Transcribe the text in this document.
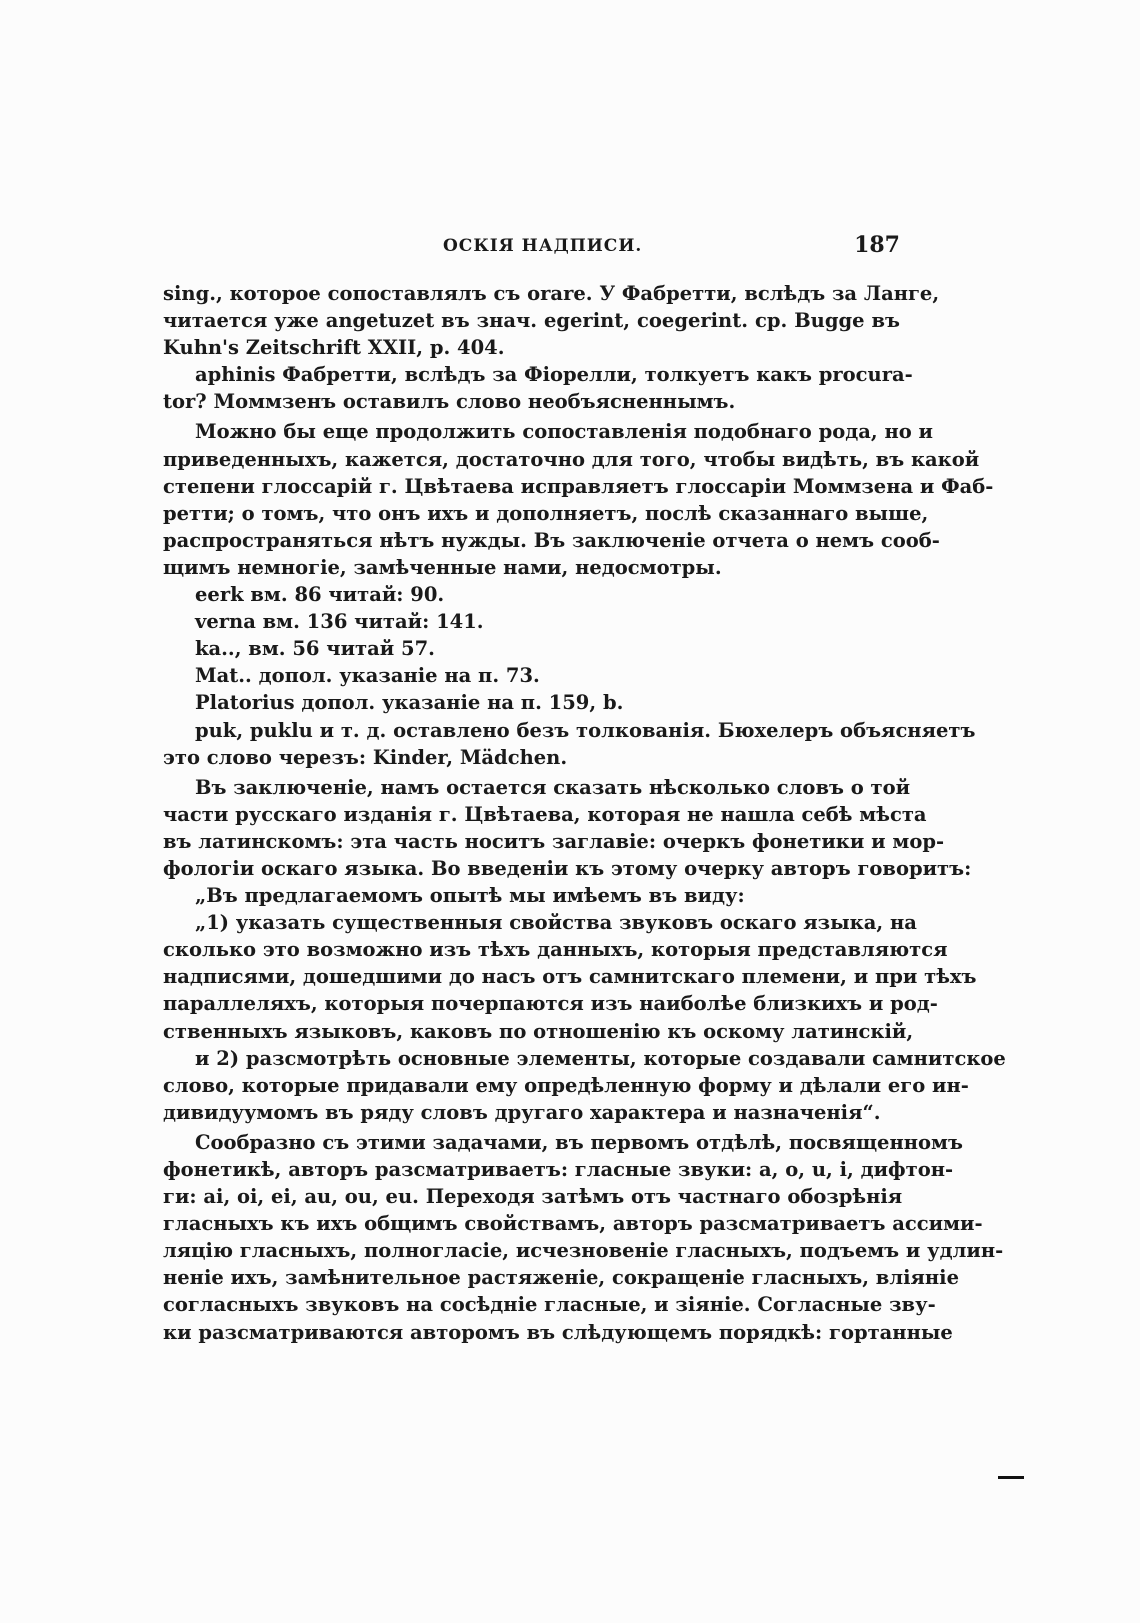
ОСКІЯ НАДПИСИ.	187
sing., которое сопоставлялъ съ orare. У Фабретти, вслѣдъ за Ланге,
читается уже angetuzet въ знач. egerint, coegerint. ср. Bugge въ
Kuhn's Zeitschrift XXII, p. 404.
aphinis Фабретти, вслѣдъ за Фіорелли, толкуетъ какъ procura-
tor? Моммзенъ оставилъ слово необъясненнымъ.
Можно бы еще продолжить сопоставленія подобнаго рода, но и
приведенныхъ, кажется, достаточно для того, чтобы видѣть, въ какой
степени глоссарій г. Цвѣтаева исправляетъ глоссаріи Моммзена и Фаб-
ретти; о томъ, что онъ ихъ и дополняетъ, послѣ сказаннаго выше,
распространяться нѣтъ нужды. Въ заключеніе отчета о немъ сооб-
щимъ немногіе, замѣченные нами, недосмотры.
eerk вм. 86 читай: 90.
verna вм. 136 читай: 141.
ka.., вм. 56 читай 57.
Mat.. допол. указаніе на п. 73.
Platorius допол. указаніе на п. 159, b.
puk, puklu и т. д. оставлено безъ толкованія. Бюхелеръ объясняетъ
это слово черезъ: Kinder, Mädchen.
Въ заключеніе, намъ остается сказать нѣсколько словъ о той
части русскаго изданія г. Цвѣтаева, которая не нашла себѣ мѣста
въ латинскомъ: эта часть носитъ заглавіе: очеркъ фонетики и мор-
фологіи оскаго языка. Во введеніи къ этому очерку авторъ говоритъ:
„Въ предлагаемомъ опытѣ мы имѣемъ въ виду:
„1) указать существенныя свойства звуковъ оскаго языка, на
сколько это возможно изъ тѣхъ данныхъ, которыя представляются
надписями, дошедшими до насъ отъ самнитскаго племени, и при тѣхъ
параллеляхъ, которыя почерпаются изъ наиболѣе близкихъ и род-
ственныхъ языковъ, каковъ по отношенію къ оскому латинскій,
и 2) разсмотрѣть основные элементы, которые создавали самнитское
слово, которые придавали ему опредѣленную форму и дѣлали его ин-
дивидуумомъ въ ряду словъ другаго характера и назначенія“.
Сообразно съ этими задачами, въ первомъ отдѣлѣ, посвященномъ
фонетикѣ, авторъ разсматриваетъ: гласные звуки: a, o, u, i, дифтон-
ги: ai, oi, ei, au, ou, eu. Переходя затѣмъ отъ частнаго обозрѣнія
гласныхъ къ ихъ общимъ свойствамъ, авторъ разсматриваетъ ассими-
ляцію гласныхъ, полногласіе, исчезновеніе гласныхъ, подъемъ и удлин-
неніе ихъ, замѣнительное растяженіе, сокращеніе гласныхъ, вліяніе
согласныхъ звуковъ на сосѣдніе гласные, и зіяніе. Согласные зву-
ки разсматриваются авторомъ въ слѣдующемъ порядкѣ: гортанные
